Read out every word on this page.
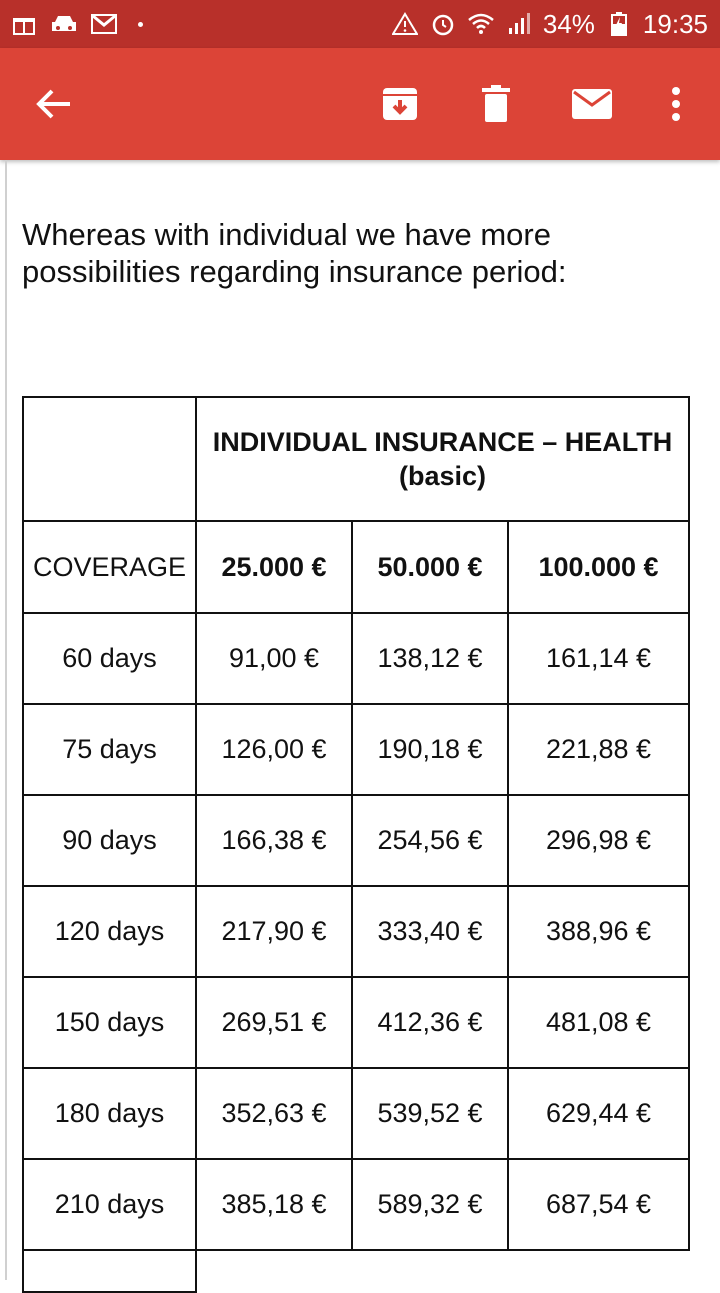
34% 19:35
Whereas with individual we have more possibilities regarding insurance period:

	INDIVIDUAL INSURANCE – HEALTH
(basic)		

COVERAGE	25.000 €	50.000 €	100.000 €
60 days	91,00 €	138,12 €	161,14 €
75 days	126,00 €	190,18 €	221,88 €
90 days	166,38 €	254,56 €	296,98 €
120 days	217,90 €	333,40 €	388,96 €
150 days	269,51 €	412,36 €	481,08 €
180 days	352,63 €	539,52 €	629,44 €
210 days	385,18 €	589,32 €	687,54 €
